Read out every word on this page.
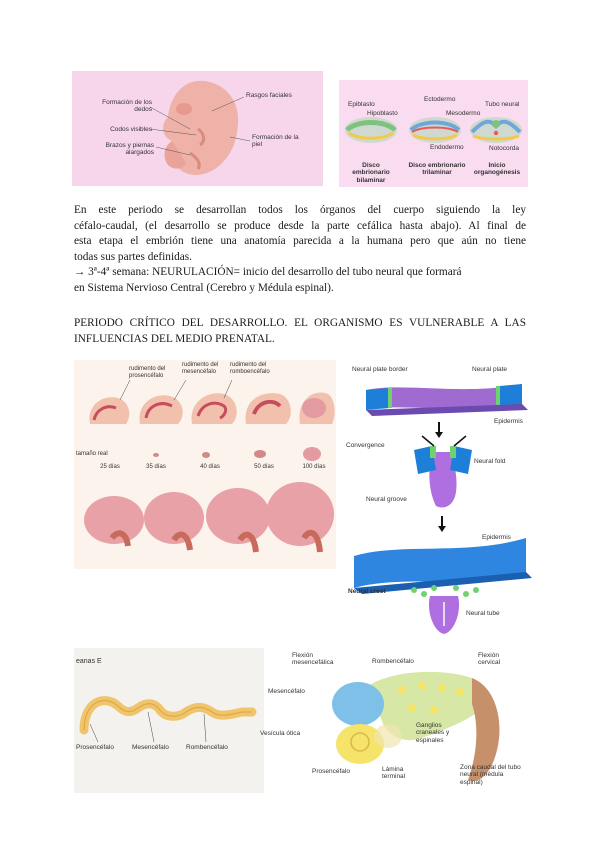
Formación de los dedos
Codos visibles
Brazos y piernas alargados
Rasgos faciales
Formación de la piel
Epiblasto
Hipoblasto
Ectodermo
Mesodermo
Endodermo
Tubo neural
Notocorda
Disco embrionario bilaminar
Disco embrionario trilaminar
Inicio organogénesis
En este periodo se desarrollan todos los órganos del cuerpo siguiendo la ley
céfalo-caudal, (el desarrollo se produce desde la parte cefálica hasta abajo). Al final de
esta etapa el embrión tiene una anatomía parecida a la humana pero que aún no tiene
todas sus partes definidas.
→ 3ª-4ª semana: NEURULACIÓN= inicio del desarrollo del tubo neural que formará
en Sistema Nervioso Central (Cerebro y Médula espinal).
PERIODO CRÍTICO DEL DESARROLLO. EL ORGANISMO ES VULNERABLE A LAS
INFLUENCIAS DEL MEDIO PRENATAL.
rudimento del prosencéfalo
rudimento del mesencéfalo
rudimento del romboencéfalo
tamaño real
25 días	35 días	40 días	50 días	100 días
Neural plate border	Neural plate
Epidermis
Convergence
Neural fold
Neural groove
Epidermis
Neural crest
Neural tube
eanas E
Prosencéfalo	Mesencéfalo	Rombencéfalo
Flexión mesencefálica	Rombencéfalo
Flexión cervical
Mesencéfalo
Ganglios craneales y espinales
Vesícula ótica
Prosencéfalo	Lámina terminal
Zona caudal del tubo neural (médula espinal)
